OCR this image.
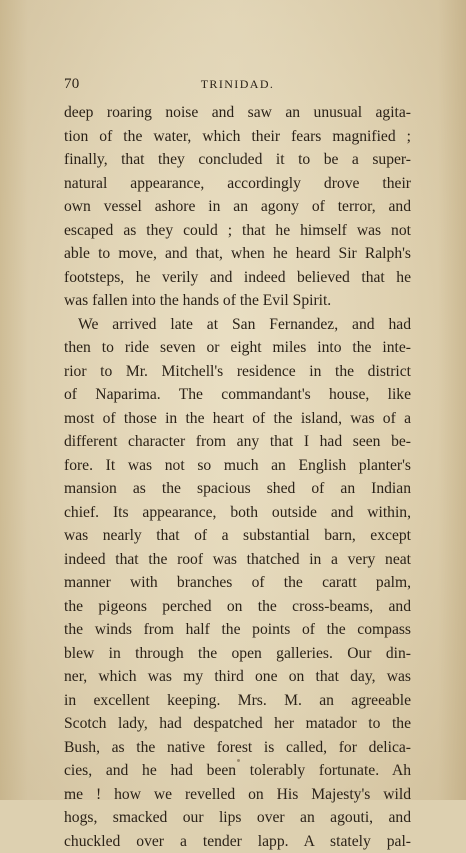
70	TRINIDAD.
deep roaring noise and saw an unusual agita-
tion of the water, which their fears magnified ;
finally, that they concluded it to be a super-
natural appearance, accordingly drove their
own vessel ashore in an agony of terror, and
escaped as they could ; that he himself was not
able to move, and that, when he heard Sir Ralph's
footsteps, he verily and indeed believed that he
was fallen into the hands of the Evil Spirit.
We arrived late at San Fernandez, and had
then to ride seven or eight miles into the inte-
rior to Mr. Mitchell's residence in the district
of Naparima. The commandant's house, like
most of those in the heart of the island, was of a
different character from any that I had seen be-
fore. It was not so much an English planter's
mansion as the spacious shed of an Indian
chief. Its appearance, both outside and within,
was nearly that of a substantial barn, except
indeed that the roof was thatched in a very neat
manner with branches of the caratt palm,
the pigeons perched on the cross-beams, and
the winds from half the points of the compass
blew in through the open galleries. Our din-
ner, which was my third one on that day, was
in excellent keeping. Mrs. M. an agreeable
Scotch lady, had despatched her matador to the
Bush, as the native forest is called, for delica-
cies, and he had been tolerably fortunate. Ah
me ! how we revelled on His Majesty's wild
hogs, smacked our lips over an agouti, and
chuckled over a tender lapp. A stately pal-
